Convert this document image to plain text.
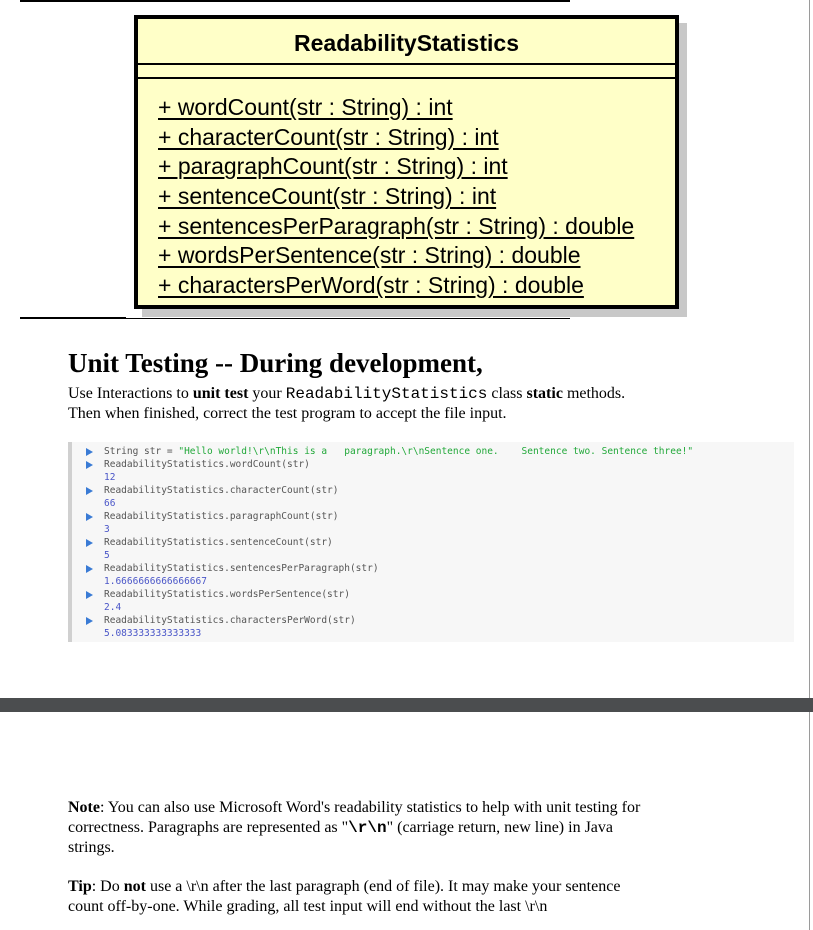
ReadabilityStatistics
+ wordCount(str : String) : int
+ characterCount(str : String) : int
+ paragraphCount(str : String) : int
+ sentenceCount(str : String) : int
+ sentencesPerParagraph(str : String) : double
+ wordsPerSentence(str : String) : double
+ charactersPerWord(str : String) : double
Unit Testing -- During development,
Use Interactions to unit test your ReadabilityStatistics class static methods.
Then when finished, correct the test program to accept the file input.
String str = "Hello world!\r\nThis is a   paragraph.\r\nSentence one.    Sentence two. Sentence three!"
ReadabilityStatistics.wordCount(str)
12
ReadabilityStatistics.characterCount(str)
66
ReadabilityStatistics.paragraphCount(str)
3
ReadabilityStatistics.sentenceCount(str)
5
ReadabilityStatistics.sentencesPerParagraph(str)
1.6666666666666667
ReadabilityStatistics.wordsPerSentence(str)
2.4
ReadabilityStatistics.charactersPerWord(str)
5.083333333333333
Note: You can also use Microsoft Word's readability statistics to help with unit testing for
correctness. Paragraphs are represented as "\r\n" (carriage return, new line) in Java
strings.
Tip: Do not use a \r\n after the last paragraph (end of file). It may make your sentence
count off-by-one. While grading, all test input will end without the last \r\n
